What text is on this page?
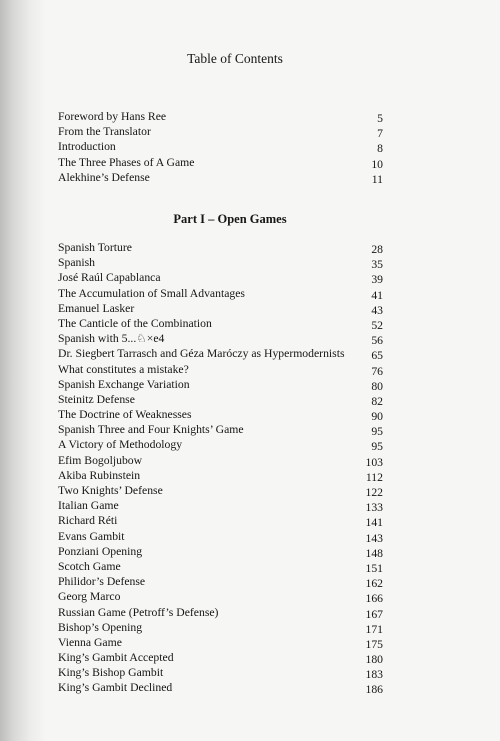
Table of Contents
Foreword by Hans Ree	5
From the Translator	7
Introduction	8
The Three Phases of A Game	10
Alekhine’s Defense	11
Part I – Open Games
Spanish Torture	28
Spanish	35
José Raúl Capablanca	39
The Accumulation of Small Advantages	41
Emanuel Lasker	43
The Canticle of the Combination	52
Spanish with 5...♘×e4	56
Dr. Siegbert Tarrasch and Géza Maróczy as Hypermodernists 65
What constitutes a mistake?	76
Spanish Exchange Variation	80
Steinitz Defense	82
The Doctrine of Weaknesses	90
Spanish Three and Four Knights’ Game	95
A Victory of Methodology	95
Efim Bogoljubow	103
Akiba Rubinstein	112
Two Knights’ Defense	122
Italian Game	133
Richard Réti	141
Evans Gambit	143
Ponziani Opening	148
Scotch Game	151
Philidor’s Defense	162
Georg Marco	166
Russian Game (Petroff’s Defense)	167
Bishop’s Opening	171
Vienna Game	175
King’s Gambit Accepted	180
King’s Bishop Gambit	183
King’s Gambit Declined	186
